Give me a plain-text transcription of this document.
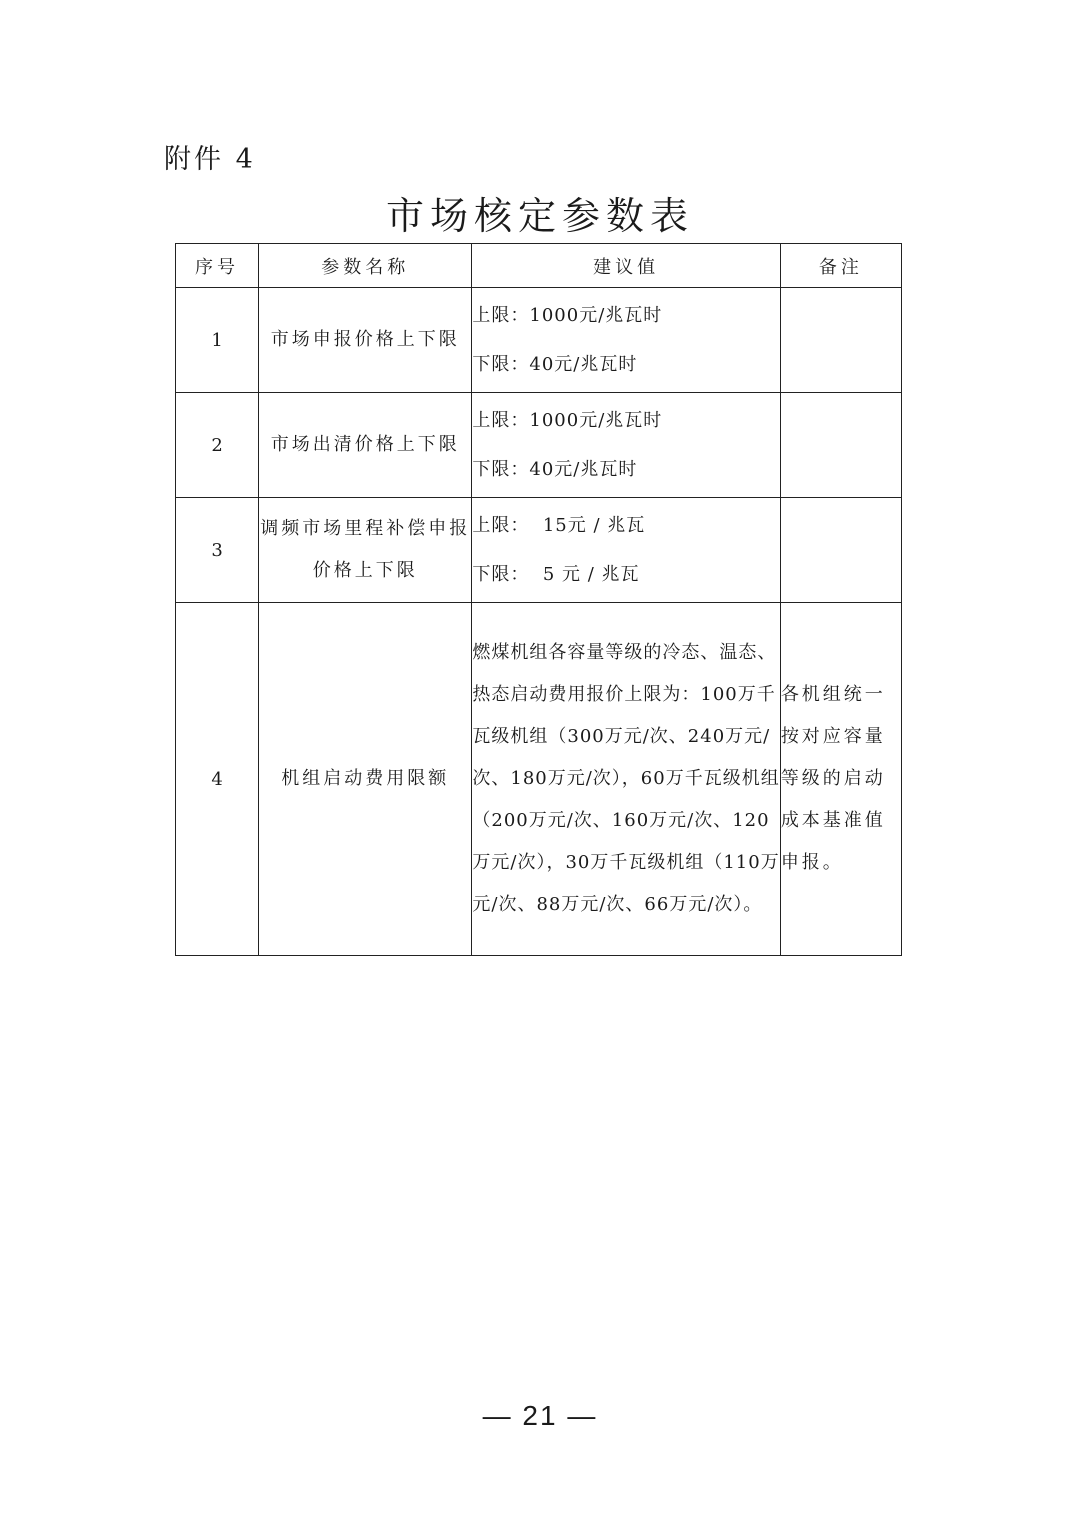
附件 4
市场核定参数表
序号	参数名称	建议值	备注
1	市场申报价格上下限	上限：1000元/兆瓦时
下限：40元/兆瓦时	

2	市场出清价格上下限	上限：1000元/兆瓦时
下限：40元/兆瓦时	

3	调频市场里程补偿申报价格上下限	上限：  15元 / 兆瓦
下限：  5 元 / 兆瓦	

4	机组启动费用限额	燃煤机组各容量等级的冷态、温态、热态启动费用报价上限为：100万千瓦级机组（300万元/次、240万元/次、180万元/次），60万千瓦级机组（200万元/次、160万元/次、120万元/次），30万千瓦级机组（110万元/次、88万元/次、66万元/次）。	各机组统一按对应容量等级的启动成本基准值申报。
— 21 —
